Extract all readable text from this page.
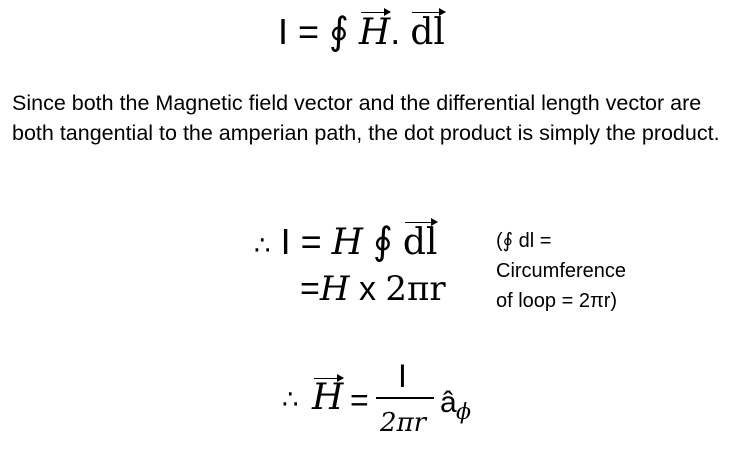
I = ∮ H. dl
Since both the Magnetic field vector and the differential length vector are both tangential to the amperian path, the dot product is simply the product.
∴ I = H ∮ dl
=H x 2πr
(∮ dl =
Circumference
of loop = 2πr)
∴ H =
I
2πr
â ϕ
